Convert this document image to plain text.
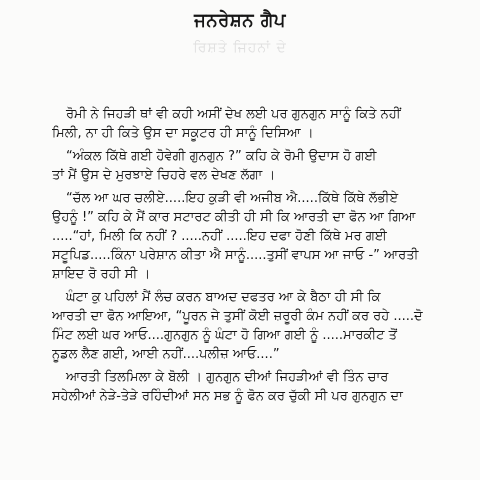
ਰਿਸ਼ਤੇ ਜਿਹਨਾਂ ਦੇ
ਜਨਰੇਸ਼ਨ ਗੈਪ
ਰੋਮੀ ਨੇ ਜਿਹੜੀ ਥਾਂ ਵੀ ਕਹੀ ਅਸੀਂ ਦੇਖ ਲਈ ਪਰ ਗੁਨਗੁਨ ਸਾਨੂੰ ਕਿਤੇ ਨਹੀਂ
ਮਿਲੀ, ਨਾ ਹੀ ਕਿਤੇ ਉਸ ਦਾ ਸਕੂਟਰ ਹੀ ਸਾਨੂੰ ਦਿਸਿਆ ।
“ਅੰਕਲ ਕਿੱਥੇ ਗਈ ਹੋਵੇਗੀ ਗੁਨਗੁਨ ?” ਕਹਿ ਕੇ ਰੋਮੀ ਉਦਾਸ ਹੋ ਗਈ
ਤਾਂ ਮੈਂ ਉਸ ਦੇ ਮੁਰਝਾਏ ਚਿਹਰੇ ਵਲ ਦੇਖਣ ਲੱਗਾ ।
“ਚੱਲ ਆ ਘਰ ਚਲੀਏ.....ਇਹ ਕੁੜੀ ਵੀ ਅਜੀਬ ਐ.....ਕਿੱਥੇ ਕਿੱਥੇ ਲੱਭੀਏ
ਉਹਨੂੰ !” ਕਹਿ ਕੇ ਮੈਂ ਕਾਰ ਸਟਾਰਟ ਕੀਤੀ ਹੀ ਸੀ ਕਿ ਆਰਤੀ ਦਾ ਫੋਨ ਆ ਗਿਆ
.....“ਹਾਂ, ਮਿਲੀ ਕਿ ਨਹੀਂ ? .....ਨਹੀਂ .....ਇਹ ਦਫਾ ਹੋਣੀ ਕਿੱਥੇ ਮਰ ਗਈ
ਸਟੂਪਿਡ.....ਕਿੰਨਾ ਪਰੇਸ਼ਾਨ ਕੀਤਾ ਐ ਸਾਨੂੰ.....ਤੁਸੀਂ ਵਾਪਸ ਆ ਜਾਓ -” ਆਰਤੀ
ਸ਼ਾਇਦ ਰੋ ਰਹੀ ਸੀ ।
ਘੰਟਾ ਕੁ ਪਹਿਲਾਂ ਮੈਂ ਲੰਚ ਕਰਨ ਬਾਅਦ ਦਫਤਰ ਆ ਕੇ ਬੈਠਾ ਹੀ ਸੀ ਕਿ
ਆਰਤੀ ਦਾ ਫੋਨ ਆਇਆ, “ਪੂਰਨ ਜੇ ਤੁਸੀਂ ਕੋਈ ਜ਼ਰੂਰੀ ਕੰਮ ਨਹੀਂ ਕਰ ਰਹੇ .....ਦੋ
ਮਿੰਟ ਲਈ ਘਰ ਆਓ....ਗੁਨਗੁਨ ਨੂੰ ਘੰਟਾ ਹੋ ਗਿਆ ਗਈ ਨੂੰ .....ਮਾਰਕੀਟ ਤੋਂ
ਨੂਡਲ ਲੈਣ ਗਈ, ਆਈ ਨਹੀਂ....ਪਲੀਜ਼ ਆਓ....”
ਆਰਤੀ ਤਿਲਮਿਲਾ ਕੇ ਬੋਲੀ । ਗੁਨਗੁਨ ਦੀਆਂ ਜਿਹੜੀਆਂ ਵੀ ਤਿੰਨ ਚਾਰ
ਸਹੇਲੀਆਂ ਨੇੜੇ-ਤੇੜੇ ਰਹਿੰਦੀਆਂ ਸਨ ਸਭ ਨੂੰ ਫੋਨ ਕਰ ਚੁੱਕੀ ਸੀ ਪਰ ਗੁਨਗੁਨ ਦਾ
